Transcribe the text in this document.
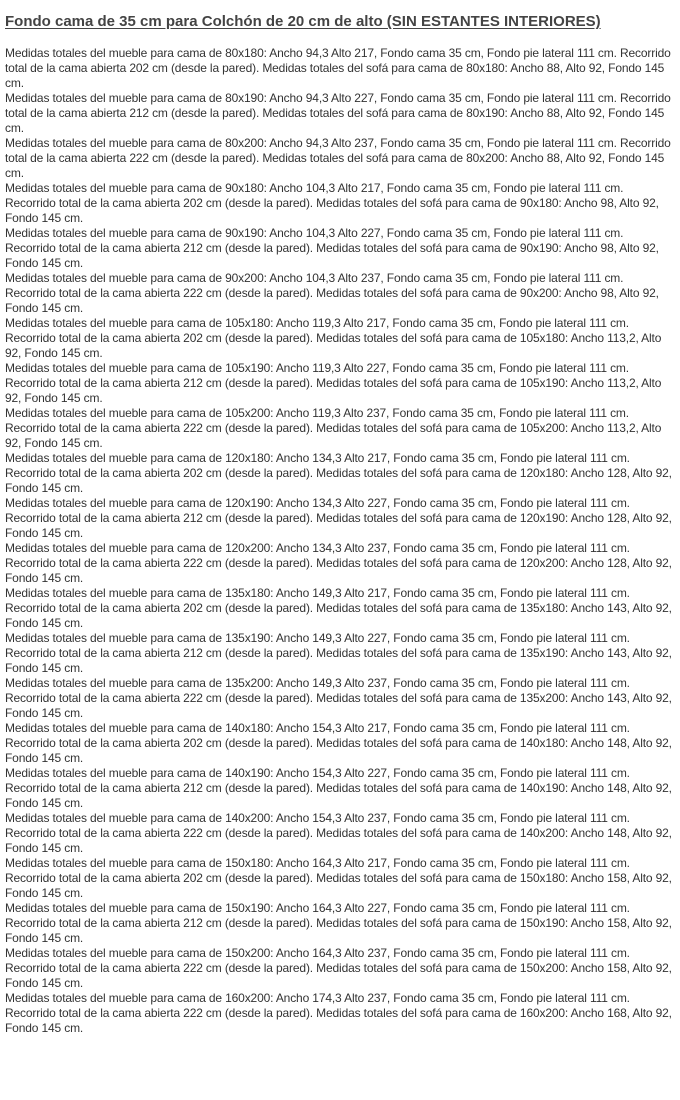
Fondo cama de 35 cm para Colchón de 20 cm de alto (SIN ESTANTES INTERIORES)

Medidas totales del mueble para cama de 80x180: Ancho 94,3 Alto 217, Fondo cama 35 cm, Fondo pie lateral 111 cm. Recorrido total de la cama abierta 202 cm (desde la pared). Medidas totales del sofá para cama de 80x180: Ancho 88, Alto 92, Fondo 145 cm.

Medidas totales del mueble para cama de 80x190: Ancho 94,3 Alto 227, Fondo cama 35 cm, Fondo pie lateral 111 cm. Recorrido total de la cama abierta 212 cm (desde la pared). Medidas totales del sofá para cama de 80x190: Ancho 88, Alto 92, Fondo 145 cm.

Medidas totales del mueble para cama de 80x200: Ancho 94,3 Alto 237, Fondo cama 35 cm, Fondo pie lateral 111 cm. Recorrido total de la cama abierta 222 cm (desde la pared). Medidas totales del sofá para cama de 80x200: Ancho 88, Alto 92, Fondo 145 cm.

Medidas totales del mueble para cama de 90x180: Ancho 104,3 Alto 217, Fondo cama 35 cm, Fondo pie lateral 111 cm. Recorrido total de la cama abierta 202 cm (desde la pared). Medidas totales del sofá para cama de 90x180: Ancho 98, Alto 92, Fondo 145 cm.

Medidas totales del mueble para cama de 90x190: Ancho 104,3 Alto 227, Fondo cama 35 cm, Fondo pie lateral 111 cm. Recorrido total de la cama abierta 212 cm (desde la pared). Medidas totales del sofá para cama de 90x190: Ancho 98, Alto 92, Fondo 145 cm.

Medidas totales del mueble para cama de 90x200: Ancho 104,3 Alto 237, Fondo cama 35 cm, Fondo pie lateral 111 cm. Recorrido total de la cama abierta 222 cm (desde la pared). Medidas totales del sofá para cama de 90x200: Ancho 98, Alto 92, Fondo 145 cm.

Medidas totales del mueble para cama de 105x180: Ancho 119,3 Alto 217, Fondo cama 35 cm, Fondo pie lateral 111 cm. Recorrido total de la cama abierta 202 cm (desde la pared). Medidas totales del sofá para cama de 105x180: Ancho 113,2, Alto 92, Fondo 145 cm.

Medidas totales del mueble para cama de 105x190: Ancho 119,3 Alto 227, Fondo cama 35 cm, Fondo pie lateral 111 cm. Recorrido total de la cama abierta 212 cm (desde la pared). Medidas totales del sofá para cama de 105x190: Ancho 113,2, Alto 92, Fondo 145 cm.

Medidas totales del mueble para cama de 105x200: Ancho 119,3 Alto 237, Fondo cama 35 cm, Fondo pie lateral 111 cm. Recorrido total de la cama abierta 222 cm (desde la pared). Medidas totales del sofá para cama de 105x200: Ancho 113,2, Alto 92, Fondo 145 cm.

Medidas totales del mueble para cama de 120x180: Ancho 134,3 Alto 217, Fondo cama 35 cm, Fondo pie lateral 111 cm. Recorrido total de la cama abierta 202 cm (desde la pared). Medidas totales del sofá para cama de 120x180: Ancho 128, Alto 92, Fondo 145 cm.

Medidas totales del mueble para cama de 120x190: Ancho 134,3 Alto 227, Fondo cama 35 cm, Fondo pie lateral 111 cm. Recorrido total de la cama abierta 212 cm (desde la pared). Medidas totales del sofá para cama de 120x190: Ancho 128, Alto 92, Fondo 145 cm.

Medidas totales del mueble para cama de 120x200: Ancho 134,3 Alto 237, Fondo cama 35 cm, Fondo pie lateral 111 cm. Recorrido total de la cama abierta 222 cm (desde la pared). Medidas totales del sofá para cama de 120x200: Ancho 128, Alto 92, Fondo 145 cm.

Medidas totales del mueble para cama de 135x180: Ancho 149,3 Alto 217, Fondo cama 35 cm, Fondo pie lateral 111 cm. Recorrido total de la cama abierta 202 cm (desde la pared). Medidas totales del sofá para cama de 135x180: Ancho 143, Alto 92, Fondo 145 cm.

Medidas totales del mueble para cama de 135x190: Ancho 149,3 Alto 227, Fondo cama 35 cm, Fondo pie lateral 111 cm. Recorrido total de la cama abierta 212 cm (desde la pared). Medidas totales del sofá para cama de 135x190: Ancho 143, Alto 92, Fondo 145 cm.

Medidas totales del mueble para cama de 135x200: Ancho 149,3 Alto 237, Fondo cama 35 cm, Fondo pie lateral 111 cm. Recorrido total de la cama abierta 222 cm (desde la pared). Medidas totales del sofá para cama de 135x200: Ancho 143, Alto 92, Fondo 145 cm.

Medidas totales del mueble para cama de 140x180: Ancho 154,3 Alto 217, Fondo cama 35 cm, Fondo pie lateral 111 cm. Recorrido total de la cama abierta 202 cm (desde la pared). Medidas totales del sofá para cama de 140x180: Ancho 148, Alto 92, Fondo 145 cm.

Medidas totales del mueble para cama de 140x190: Ancho 154,3 Alto 227, Fondo cama 35 cm, Fondo pie lateral 111 cm. Recorrido total de la cama abierta 212 cm (desde la pared). Medidas totales del sofá para cama de 140x190: Ancho 148, Alto 92, Fondo 145 cm.

Medidas totales del mueble para cama de 140x200: Ancho 154,3 Alto 237, Fondo cama 35 cm, Fondo pie lateral 111 cm. Recorrido total de la cama abierta 222 cm (desde la pared). Medidas totales del sofá para cama de 140x200: Ancho 148, Alto 92, Fondo 145 cm.

Medidas totales del mueble para cama de 150x180: Ancho 164,3 Alto 217, Fondo cama 35 cm, Fondo pie lateral 111 cm. Recorrido total de la cama abierta 202 cm (desde la pared). Medidas totales del sofá para cama de 150x180: Ancho 158, Alto 92, Fondo 145 cm.

Medidas totales del mueble para cama de 150x190: Ancho 164,3 Alto 227, Fondo cama 35 cm, Fondo pie lateral 111 cm. Recorrido total de la cama abierta 212 cm (desde la pared). Medidas totales del sofá para cama de 150x190: Ancho 158, Alto 92, Fondo 145 cm.

Medidas totales del mueble para cama de 150x200: Ancho 164,3 Alto 237, Fondo cama 35 cm, Fondo pie lateral 111 cm. Recorrido total de la cama abierta 222 cm (desde la pared). Medidas totales del sofá para cama de 150x200: Ancho 158, Alto 92, Fondo 145 cm.

Medidas totales del mueble para cama de 160x200: Ancho 174,3 Alto 237, Fondo cama 35 cm, Fondo pie lateral 111 cm. Recorrido total de la cama abierta 222 cm (desde la pared). Medidas totales del sofá para cama de 160x200: Ancho 168, Alto 92, Fondo 145 cm.
